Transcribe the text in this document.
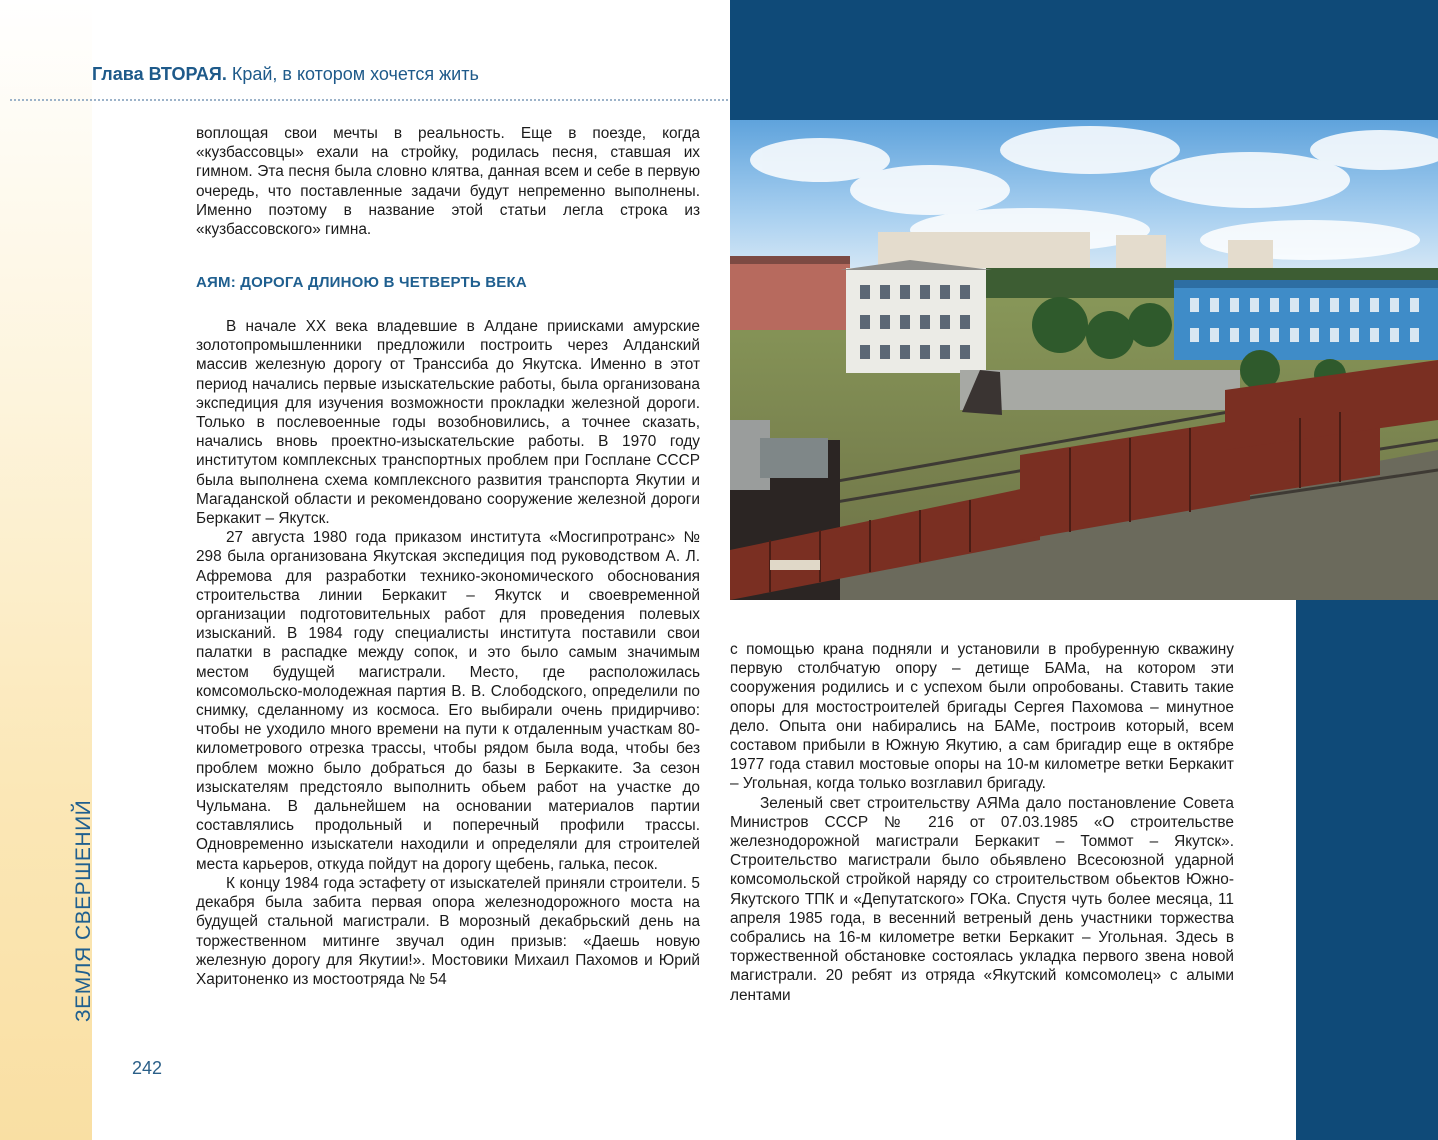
ЗЕМЛЯ СВЕРШЕНИЙ
242
Глава ВТОРАЯ. Край, в котором хочется жить

воплощая свои мечты в реальность. Еще в поезде, когда «кузбассовцы» ехали на стройку, родилась песня, ставшая их гимном. Эта песня была словно клятва, данная всем и себе в первую очередь, что поставленные задачи будут непременно выполнены. Именно поэтому в название этой статьи легла строка из «кузбассовского» гимна.

АЯМ: ДОРОГА ДЛИНОЮ В ЧЕТВЕРТЬ ВЕКА

В начале XX века владевшие в Алдане приисками амурские золотопромышленники предложили построить через Алданский массив железную дорогу от Транссиба до Якутска. Именно в этот период начались первые изыскательские работы, была организована экспедиция для изучения возможности прокладки железной дороги. Только в послевоенные годы возобновились, а точнее сказать, начались вновь проектно-изыскательские работы. В 1970 году институтом комплексных транспортных проблем при Госплане СССР была выполнена схема комплексного развития транспорта Якутии и Магаданской области и рекомендовано сооружение железной дороги Беркакит – Якутск.

27 августа 1980 года приказом института «Мосгипротранс» № 298 была организована Якутская экспедиция под руководством А. Л. Афремова для разработки технико-экономического обоснования строительства линии Беркакит – Якутск и своевременной организации подготовительных работ для проведения полевых изысканий. В 1984 году специалисты института поставили свои палатки в распадке между сопок, и это было самым значимым местом будущей магистрали. Место, где расположилась комсомольско-молодежная партия В. В. Слободского, определили по снимку, сделанному из космоса. Его выбирали очень придирчиво: чтобы не уходило много времени на пути к отдаленным участкам 80-километрового отрезка трассы, чтобы рядом была вода, чтобы без проблем можно было добраться до базы в Беркаките. За сезон изыскателям предстояло выполнить обьем работ на участке до Чульмана. В дальнейшем на основании материалов партии составлялись продольный и поперечный профили трассы. Одновременно изыскатели находили и определяли для строителей места карьеров, откуда пойдут на дорогу щебень, галька, песок.

К концу 1984 года эстафету от изыскателей приняли строители. 5 декабря была забита первая опора железнодорожного моста на будущей стальной магистрали. В морозный декабрьский день на торжественном митинге звучал один призыв: «Даешь новую железную дорогу для Якутии!». Мостовики Михаил Пахомов и Юрий Харитоненко из мостоотряда № 54

с помощью крана подняли и установили в пробуренную скважину первую столбчатую опору – детище БАМа, на котором эти сооружения родились и с успехом были опробованы. Ставить такие опоры для мостостроителей бригады Сергея Пахомова – минутное дело. Опыта они набирались на БАМе, построив который, всем составом прибыли в Южную Якутию, а сам бригадир еще в октябре 1977 года ставил мостовые опоры на 10-м километре ветки Беркакит – Угольная, когда только возглавил бригаду.

Зеленый свет строительству АЯМа дало постановление Совета Министров СССР № 216 от 07.03.1985 «О строительстве железнодорожной магистрали Беркакит – Томмот – Якутск». Строительство магистрали было обьявлено Всесоюзной ударной комсомольской стройкой наряду со строительством обьектов Южно-Якутского ТПК и «Депутатского» ГОКа. Спустя чуть более месяца, 11 апреля 1985 года, в весенний ветреный день участники торжества собрались на 16-м километре ветки Беркакит – Угольная. Здесь в торжественной обстановке состоялась укладка первого звена новой магистрали. 20 ребят из отряда «Якутский комсомолец» с алыми лентами
